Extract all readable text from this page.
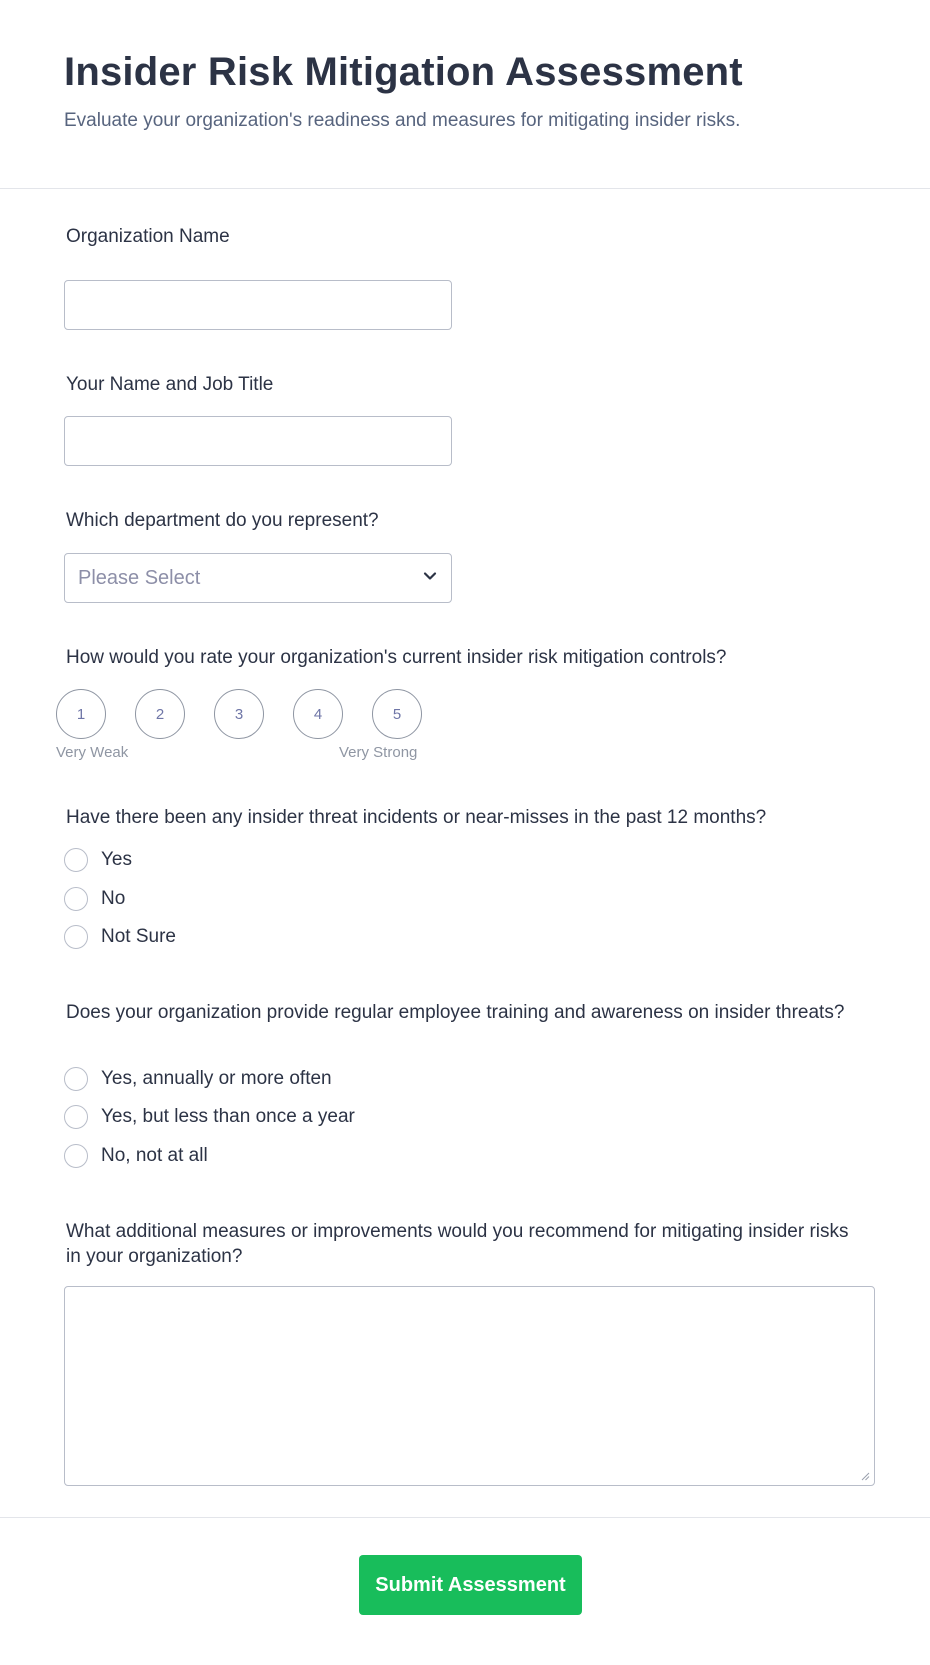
Insider Risk Mitigation Assessment
Evaluate your organization's readiness and measures for mitigating insider risks.
Organization Name
Your Name and Job Title
Which department do you represent?
Please Select
How would you rate your organization's current insider risk mitigation controls?
1	2	3	4	5
Very Weak	Very Strong
Have there been any insider threat incidents or near-misses in the past 12 months?
Yes
No
Not Sure
Does your organization provide regular employee training and awareness on insider threats?
Yes, annually or more often
Yes, but less than once a year
No, not at all
What additional measures or improvements would you recommend for mitigating insider risks in your organization?
Submit Assessment
